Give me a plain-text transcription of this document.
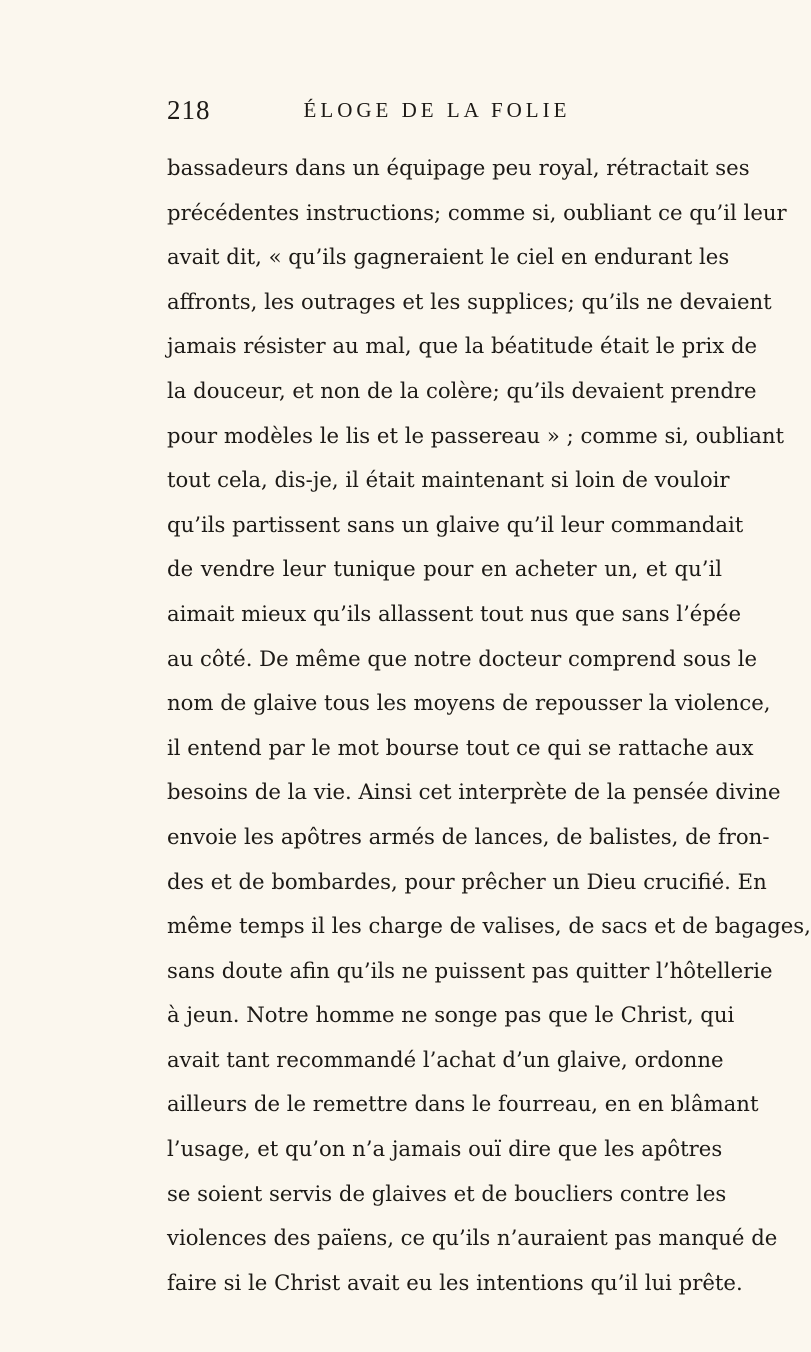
218	ÉLOGE DE LA FOLIE
bassadeurs dans un équipage peu royal, rétractait ses
précédentes instructions; comme si, oubliant ce qu’il leur
avait dit, « qu’ils gagneraient le ciel en endurant les
affronts, les outrages et les supplices; qu’ils ne devaient
jamais résister au mal, que la béatitude était le prix de
la douceur, et non de la colère; qu’ils devaient prendre
pour modèles le lis et le passereau » ; comme si, oubliant
tout cela, dis-je, il était maintenant si loin de vouloir
qu’ils partissent sans un glaive qu’il leur commandait
de vendre leur tunique pour en acheter un, et qu’il
aimait mieux qu’ils allassent tout nus que sans l’épée
au côté. De même que notre docteur comprend sous le
nom de glaive tous les moyens de repousser la violence,
il entend par le mot bourse tout ce qui se rattache aux
besoins de la vie. Ainsi cet interprète de la pensée divine
envoie les apôtres armés de lances, de balistes, de fron-
des et de bombardes, pour prêcher un Dieu crucifié. En
même temps il les charge de valises, de sacs et de bagages,
sans doute afin qu’ils ne puissent pas quitter l’hôtellerie
à jeun. Notre homme ne songe pas que le Christ, qui
avait tant recommandé l’achat d’un glaive, ordonne
ailleurs de le remettre dans le fourreau, en en blâmant
l’usage, et qu’on n’a jamais ouï dire que les apôtres
se soient servis de glaives et de boucliers contre les
violences des païens, ce qu’ils n’auraient pas manqué de
faire si le Christ avait eu les intentions qu’il lui prête.
